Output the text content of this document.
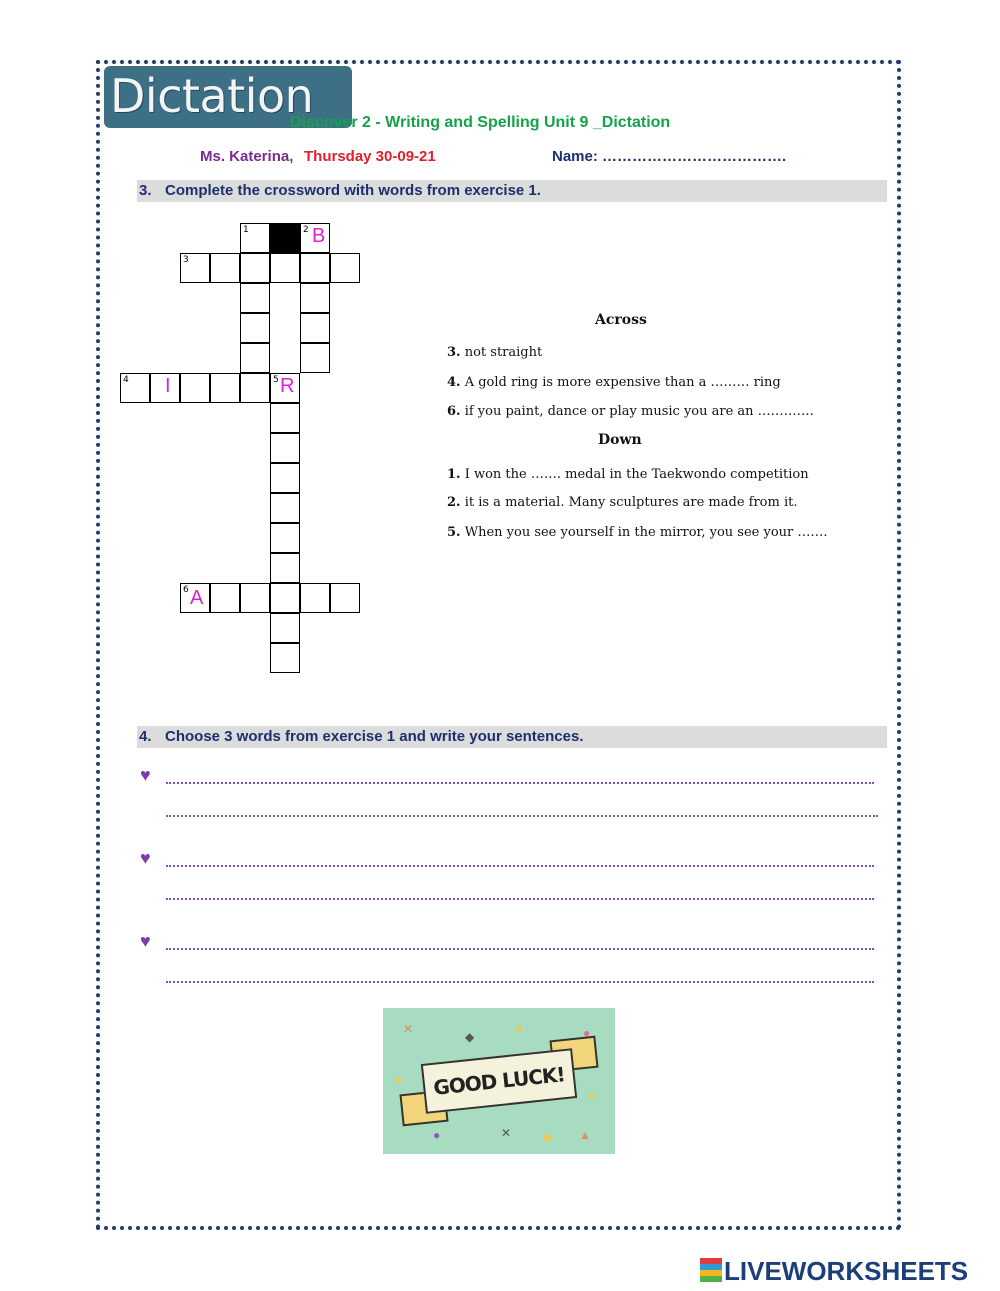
Dictation
Discover 2 - Writing and Spelling Unit 9 _Dictation
Ms. Katerina, Thursday 30-09-21	Name: ……………………………….
3. Complete the crossword with words from exercise 1.
1	2
3
4	5
6
B
I	R
A
Across
3. not straight
4. A gold ring is more expensive than a ……… ring
6. if you paint, dance or play music you are an ………….
Down
1. I won the ……. medal in the Taekwondo competition
2. it is a material. Many sculptures are made from it.
5. When you see yourself in the mirror, you see your …….
4. Choose 3 words from exercise 1 and write your sentences.
♥
♥
♥
GOOD LUCK!
✕
◆
▲	●
●
●
●	✕	◆ ▲
LIVEWORKSHEETS
